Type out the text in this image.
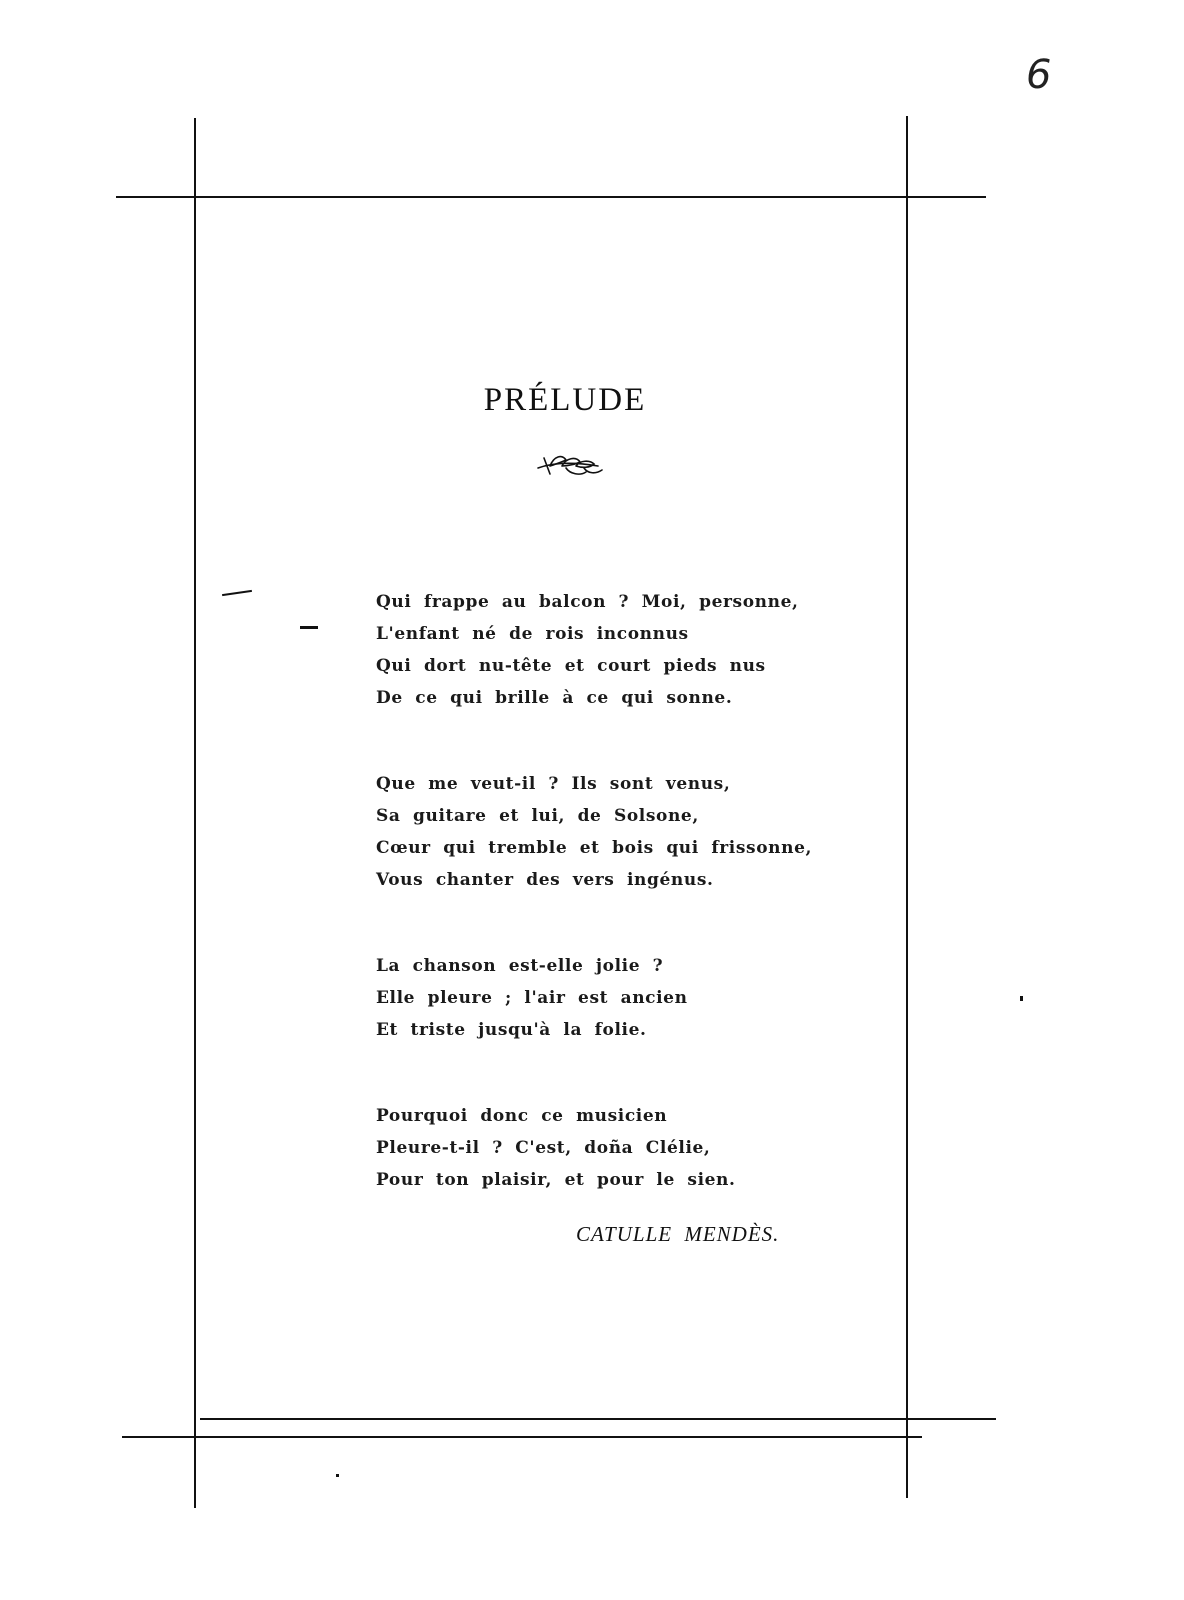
6
PRÉLUDE
Qui frappe au balcon ? Moi, personne,
L'enfant né de rois inconnus
Qui dort nu-tête et court pieds nus
De ce qui brille à ce qui sonne.
Que me veut-il ? Ils sont venus,
Sa guitare et lui, de Solsone,
Cœur qui tremble et bois qui frissonne,
Vous chanter des vers ingénus.
La chanson est-elle jolie ?
Elle pleure ; l'air est ancien
Et triste jusqu'à la folie.
Pourquoi donc ce musicien
Pleure-t-il ? C'est, doña Clélie,
Pour ton plaisir, et pour le sien.
CATULLE MENDÈS.
